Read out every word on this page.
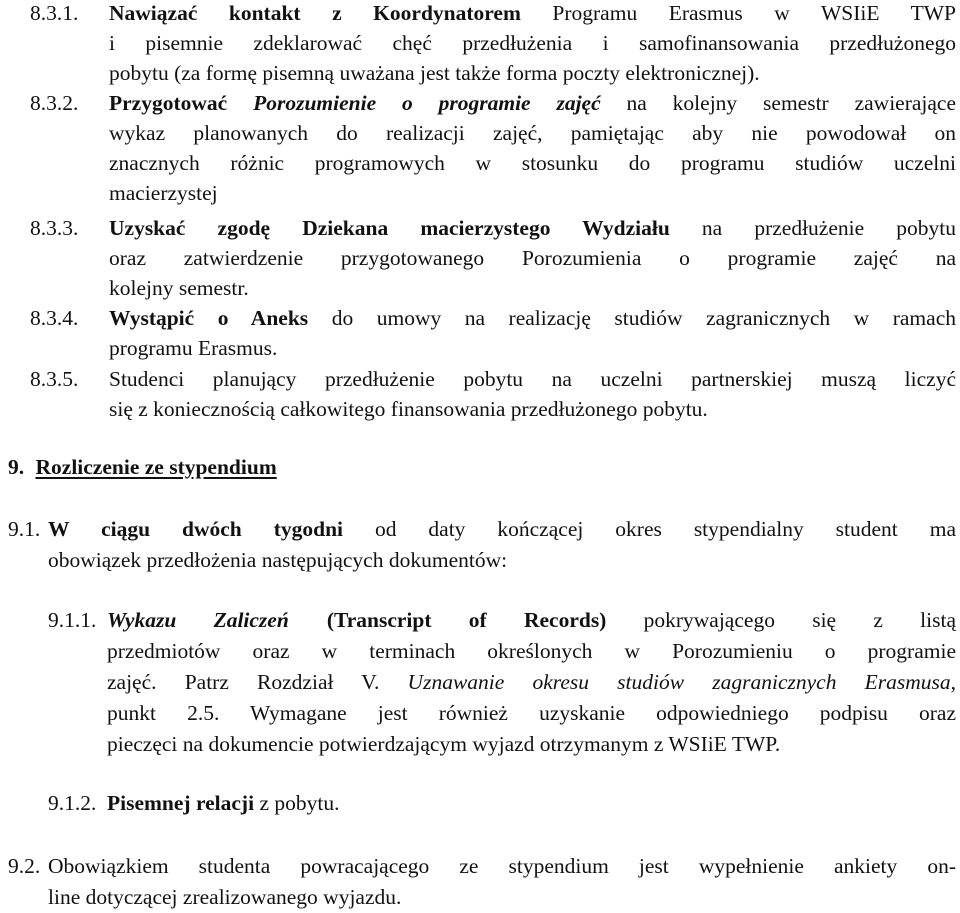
8.3.1. Nawiązać kontakt z Koordynatorem Programu Erasmus w WSIiE TWP
i pisemnie zdeklarować chęć przedłużenia i samofinansowania przedłużonego
pobytu (za formę pisemną uważana jest także forma poczty elektronicznej).
8.3.2. Przygotować Porozumienie o programie zajęć na kolejny semestr zawierające
wykaz planowanych do realizacji zajęć, pamiętając aby nie powodował on
znacznych różnic programowych w stosunku do programu studiów uczelni
macierzystej
8.3.3. Uzyskać zgodę Dziekana macierzystego Wydziału na przedłużenie pobytu
oraz zatwierdzenie przygotowanego Porozumienia o programie zajęć na
kolejny semestr.
8.3.4. Wystąpić o Aneks do umowy na realizację studiów zagranicznych w ramach
programu Erasmus.
8.3.5. Studenci planujący przedłużenie pobytu na uczelni partnerskiej muszą liczyć
się z koniecznością całkowitego finansowania przedłużonego pobytu.
9. Rozliczenie ze stypendium
9.1. W ciągu dwóch tygodni od daty kończącej okres stypendialny student ma
obowiązek przedłożenia następujących dokumentów:
9.1.1. Wykazu Zaliczeń (Transcript of Records) pokrywającego się z listą
przedmiotów oraz w terminach określonych w Porozumieniu o programie
zajęć. Patrz Rozdział V. Uznawanie okresu studiów zagranicznych Erasmusa,
punkt 2.5. Wymagane jest również uzyskanie odpowiedniego podpisu oraz
pieczęci na dokumencie potwierdzającym wyjazd otrzymanym z WSIiE TWP.
9.1.2. Pisemnej relacji z pobytu.
9.2. Obowiązkiem studenta powracającego ze stypendium jest wypełnienie ankiety on-
line dotyczącej zrealizowanego wyjazdu.
